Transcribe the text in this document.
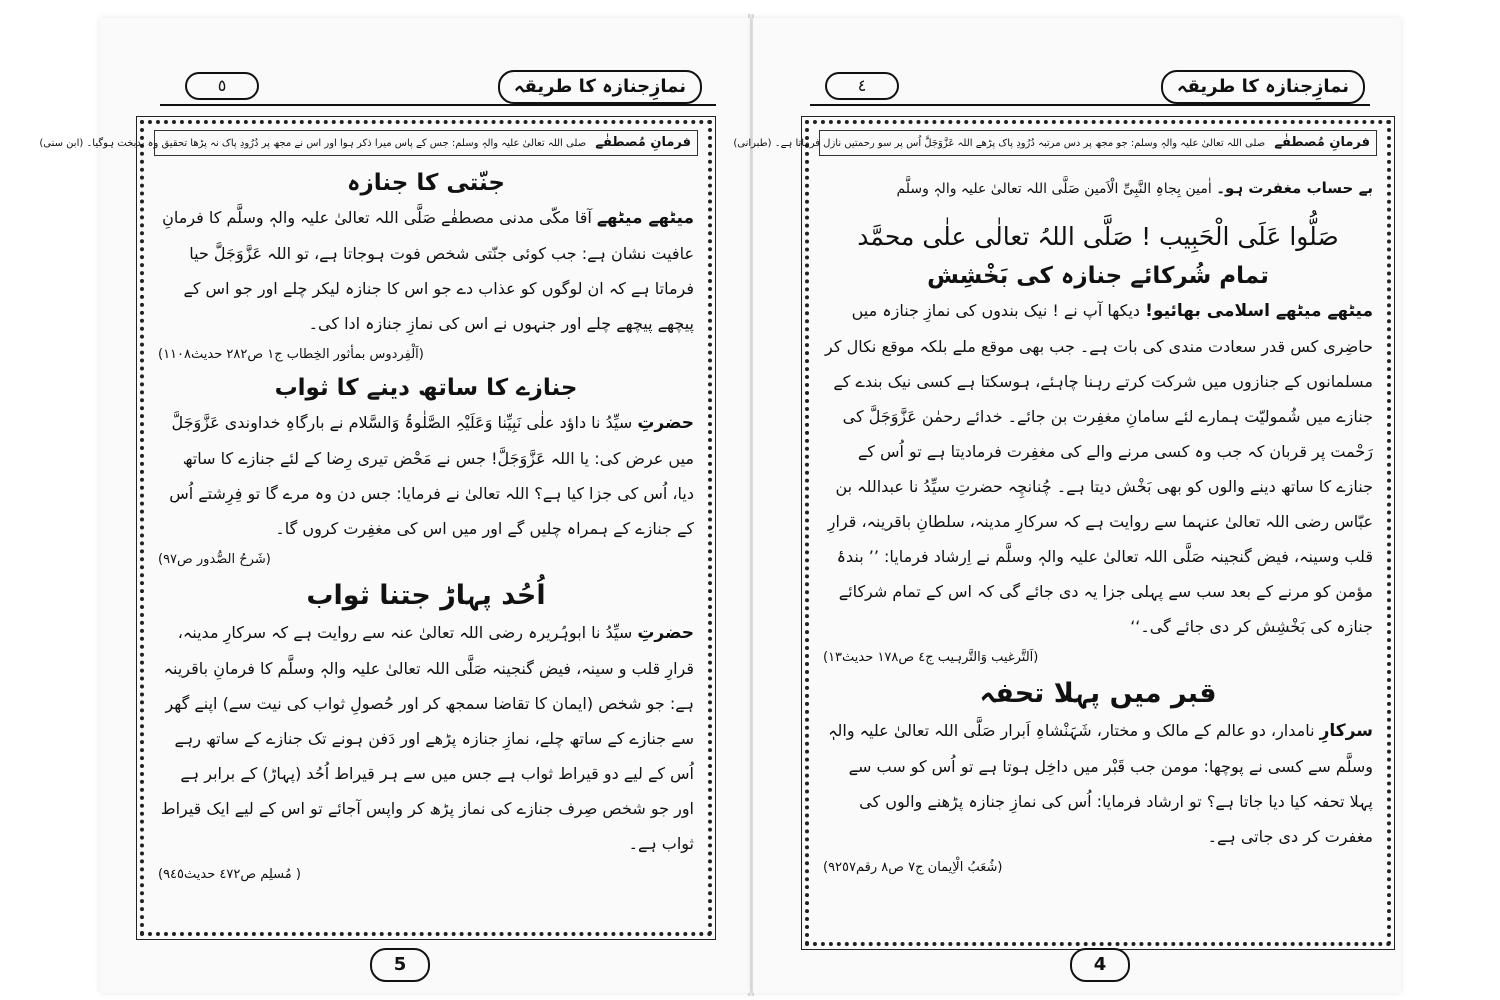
٥	نمازِجنازہ کا طریقہ
فرمانِ مُصطفٰے صلی اللہ تعالیٰ علیہ والہٖ وسلم: جس کے پاس میرا ذکر ہوا اور اس نے مجھ پر دُرُودِ پاک نہ پڑھا تحقیق وہ بدبخت ہوگیا۔ (ابن سنی)
جنّتی کا جنازہ

میٹھے میٹھے آقا مکّی مدنی مصطفٰے صَلَّی اللہ تعالیٰ علیہ والہٖ وسلَّم کا فرمانِ عافیت نشان ہے: جب کوئی جنّتی شخص فوت ہوجاتا ہے، تو اللہ عَزَّوَجَلَّ حیا فرماتا ہے کہ ان لوگوں کو عذاب دے جو اس کا جنازہ لیکر چلے اور جو اس کے پیچھے پیچھے چلے اور جنہوں نے اس کی نمازِ جنازہ ادا کی۔

(اَلْفِردوس بمأثور الخِطاب ج١ ص٢٨٢ حدیث١١٠٨)

جنازے کا ساتھ دینے کا ثواب

حضرتِ سیِّدُ نا داؤد علٰی نَبِیِّنا وَعَلَیْہِ الصَّلٰوۃُ وَالسَّلام نے بارگاہِ خداوندی عَزَّوَجَلَّ میں عرض کی: یا اللہ عَزَّوَجَلَّ! جس نے مَحْض تیری رِضا کے لئے جنازے کا ساتھ دیا، اُس کی جزا کیا ہے؟ اللہ تعالیٰ نے فرمایا: جس دن وہ مرے گا تو فِرِشتے اُس کے جنازے کے ہمراہ چلیں گے اور میں اس کی مغفِرت کروں گا۔

(شَرحُ الصُّدور ص٩٧)

اُحُد پہاڑ جتنا ثواب

حضرتِ سیِّدُ نا ابوہُریرہ رضی اللہ تعالیٰ عنہ سے روایت ہے کہ سرکارِ مدینہ، قرارِ قلب و سینہ، فیض گنجینہ صَلَّی اللہ تعالیٰ علیہ والہٖ وسلَّم کا فرمانِ باقرینہ ہے: جو شخص (ایمان کا تقاضا سمجھ کر اور حُصولِ ثواب کی نیت سے) اپنے گھر سے جنازے کے ساتھ چلے، نمازِ جنازہ پڑھے اور دَفن ہونے تک جنازے کے ساتھ رہے اُس کے لیے دو قیراط ثواب ہے جس میں سے ہر قیراط اُحُد (پہاڑ) کے برابر ہے اور جو شخص صِرف جنازے کی نماز پڑھ کر واپس آجائے تو اس کے لیے ایک قیراط ثواب ہے۔

( مُسلِم ص٤٧٢ حدیث٩٤٥)

5
٤	نمازِجنازہ کا طریقہ
فرمانِ مُصطفٰے صلی اللہ تعالیٰ علیہ والہٖ وسلم: جو مجھ پر دس مرتبہ دُرُودِ پاک پڑھے اللہ عَزَّوَجَلَّ اُس پر سو رحمتیں نازل فرماتا ہے۔ (طبرانی)

بے حساب مغفرت ہو۔ اٰمین بِجاہِ النَّبِیِّ الْاَمین صَلَّی اللہ تعالیٰ علیہ والہٖ وسلَّم

صَلُّوا عَلَی الْحَبِیب ! صَلَّی اللہُ تعالٰی علٰی محمَّد
تمام شُرکائے جنازہ کی بَخْشِش

میٹھے میٹھے اسلامی بھائیو! دیکھا آپ نے ! نیک بندوں کی نمازِ جنازہ میں حاضِری کس قدر سعادت مندی کی بات ہے۔ جب بھی موقع ملے بلکہ موقع نکال کر مسلمانوں کے جنازوں میں شرکت کرتے رہنا چاہئے، ہوسکتا ہے کسی نیک بندے کے جنازے میں شُمولیّت ہمارے لئے سامانِ مغفِرت بن جائے۔ خدائے رحمٰن عَزَّوَجَلَّ کی رَحْمت پر قربان کہ جب وہ کسی مرنے والے کی مغفِرت فرمادیتا ہے تو اُس کے جنازے کا ساتھ دینے والوں کو بھی بَخْش دیتا ہے۔ چُنانچِہ حضرتِ سیِّدُ نا عبداللہ بن عبّاس رضی اللہ تعالیٰ عنہما سے روایت ہے کہ سرکارِ مدینہ، سلطانِ باقرینہ، قرارِ قلب وسینہ، فیض گنجینہ صَلَّی اللہ تعالیٰ علیہ والہٖ وسلَّم نے اِرشاد فرمایا: ’’ بندۂ مؤمن کو مرنے کے بعد سب سے پہلی جزا یہ دی جائے گی کہ اس کے تمام شرکائے جنازہ کی بَخْشِش کر دی جائے گی۔‘‘

(اَلتَّرغیب وَالتَّرہیب ج٤ ص١٧٨ حدیث١٣)

قبر میں پہلا تحفہ

سرکارِ نامدار، دو عالم کے مالک و مختار، شَہَنْشاہِ اَبرار صَلَّی اللہ تعالیٰ علیہ والہٖ وسلَّم سے کسی نے پوچھا: مومن جب قَبْر میں داخِل ہوتا ہے تو اُس کو سب سے پہلا تحفہ کیا دیا جاتا ہے؟ تو ارشاد فرمایا: اُس کی نمازِ جنازہ پڑھنے والوں کی مغفرت کر دی جاتی ہے۔

(شُعَبُ الْاِیمان ج٧ ص٨ رقم٩٢٥٧)

4
